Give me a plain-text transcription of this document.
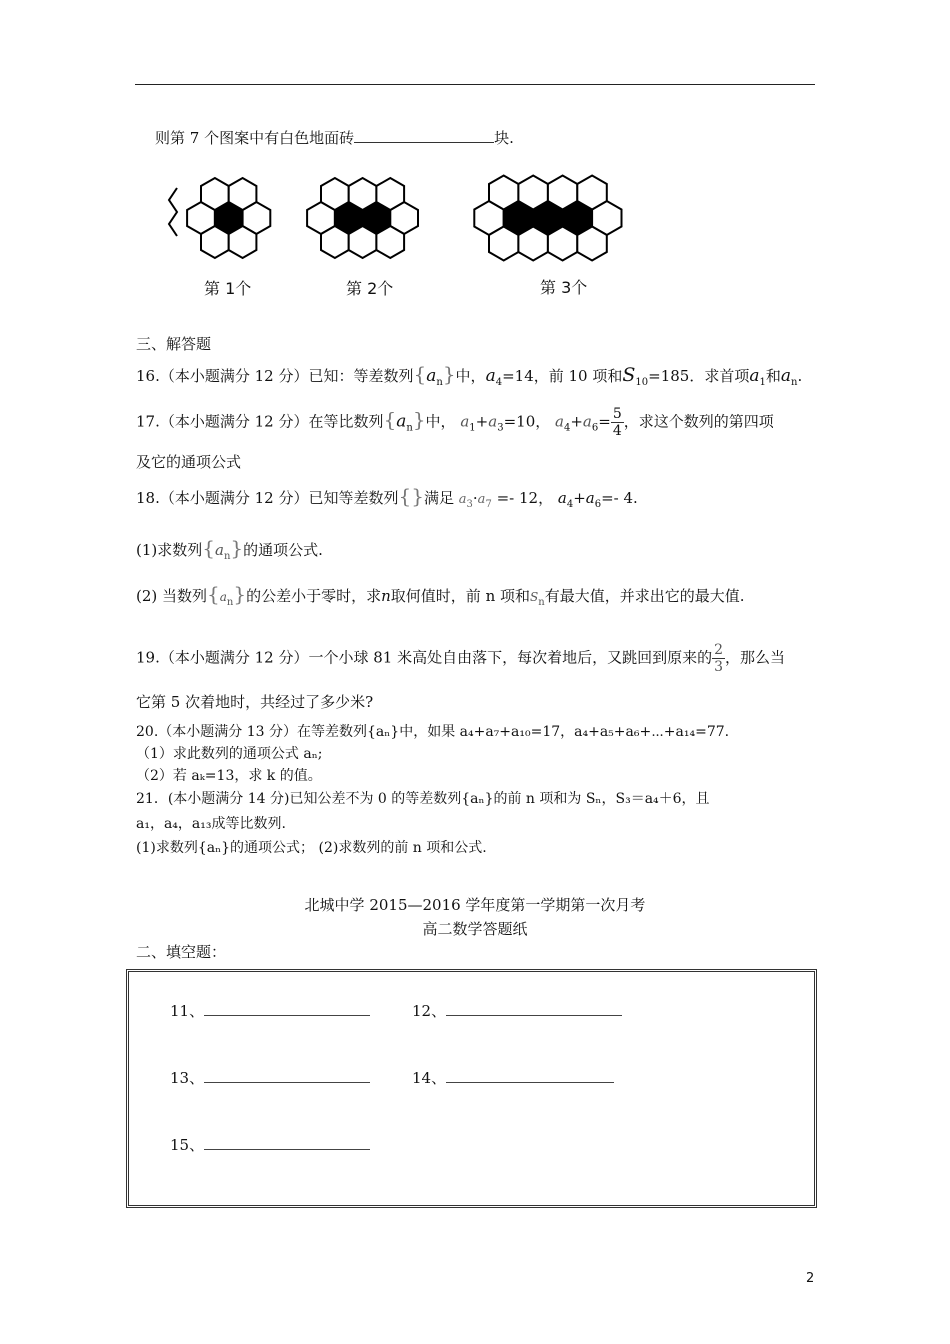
则第 7 个图案中有白色地面砖	块.
第 1个	第 2个	第 3个
三、解答题
16.（本小题满分 12 分）已知：等差数列$\{a_n\}$中，$a_4=14$，前 10 项和$S_{10}=185$．求首项$a_1$和$a_n$.
17.（本小题满分 12 分）在等比数列$\{a_n\}$中， $a_1+a_3=10$， $a_4+a_6= \frac{5}{4}$ ，求这个数列的第四项
及它的通项公式
18.（本小题满分 12 分）已知等差数列{}满足 $a_3\cdot a_7 =- 12$， $a_4+a_6=-$ 4.
(1)求数列$\{a_n\}$的通项公式.
(2) 当数列$\{a_n\}$的公差小于零时，求n取何值时，前 n 项和$S_n$有最大值，并求出它的最大值.
19.（本小题满分 12 分）一个小球 81 米高处自由落下，每次着地后，又跳回到原来的 $\frac{2}{3}$ ，那么当
它第 5 次着地时，共经过了多少米?
20.（本小题满分 13 分）在等差数列{aₙ}中，如果 a₄+a₇+a₁₀=17，a₄+a₅+a₆+⋯+a₁₄=77.
（1）求此数列的通项公式 aₙ;
（2）若 aₖ=13，求 k 的值。
21．(本小题满分 14 分)已知公差不为 0 的等差数列{aₙ}的前 n 项和为 Sₙ，S₃＝a₄＋6，且
a₁，a₄，a₁₃成等比数列.
(1)求数列{aₙ}的通项公式； (2)求数列的前 n 项和公式.
北城中学 2015—2016 学年度第一学期第一次月考
高二数学答题纸
二、填空题：
11、	12、
13、	14、
15、
2
